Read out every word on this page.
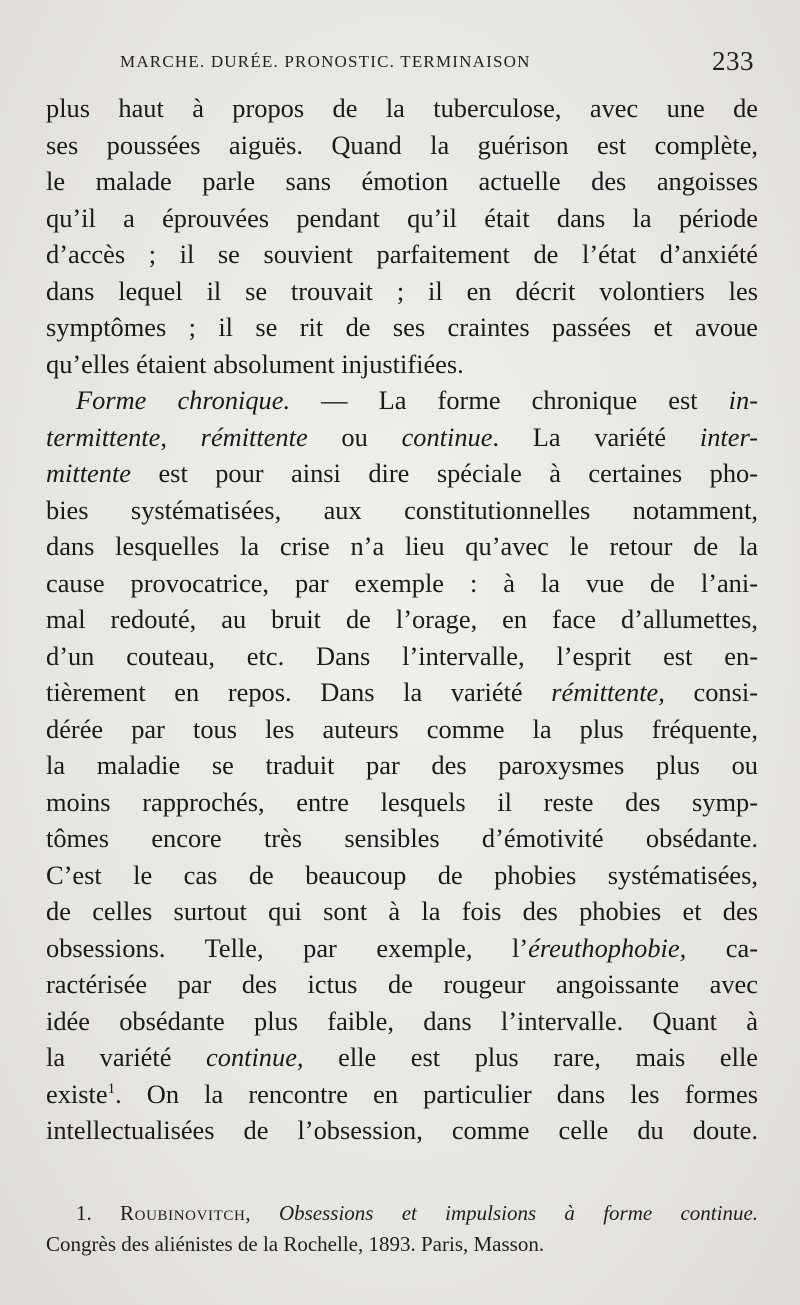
MARCHE. DURÉE. PRONOSTIC. TERMINAISON	233
plus haut à propos de la tuberculose, avec une de
ses poussées aiguës. Quand la guérison est complète,
le malade parle sans émotion actuelle des angoisses
qu’il a éprouvées pendant qu’il était dans la période
d’accès ; il se souvient parfaitement de l’état d’anxiété
dans lequel il se trouvait ; il en décrit volontiers les
symptômes ; il se rit de ses craintes passées et avoue
qu’elles étaient absolument injustifiées.
Forme chronique. — La forme chronique est in-
termittente, rémittente ou continue. La variété inter-
mittente est pour ainsi dire spéciale à certaines pho-
bies systématisées, aux constitutionnelles notamment,
dans lesquelles la crise n’a lieu qu’avec le retour de la
cause provocatrice, par exemple : à la vue de l’ani-
mal redouté, au bruit de l’orage, en face d’allumettes,
d’un couteau, etc. Dans l’intervalle, l’esprit est en-
tièrement en repos. Dans la variété rémittente, consi-
dérée par tous les auteurs comme la plus fréquente,
la maladie se traduit par des paroxysmes plus ou
moins rapprochés, entre lesquels il reste des symp-
tômes encore très sensibles d’émotivité obsédante.
C’est le cas de beaucoup de phobies systématisées,
de celles surtout qui sont à la fois des phobies et des
obsessions. Telle, par exemple, l’éreuthophobie, ca-
ractérisée par des ictus de rougeur angoissante avec
idée obsédante plus faible, dans l’intervalle. Quant à
la variété continue, elle est plus rare, mais elle
existe$^1$. On la rencontre en particulier dans les formes
intellectualisées de l’obsession, comme celle du doute.
1. Roubinovitch, Obsessions et impulsions à forme continue.
Congrès des aliénistes de la Rochelle, 1893. Paris, Masson.
